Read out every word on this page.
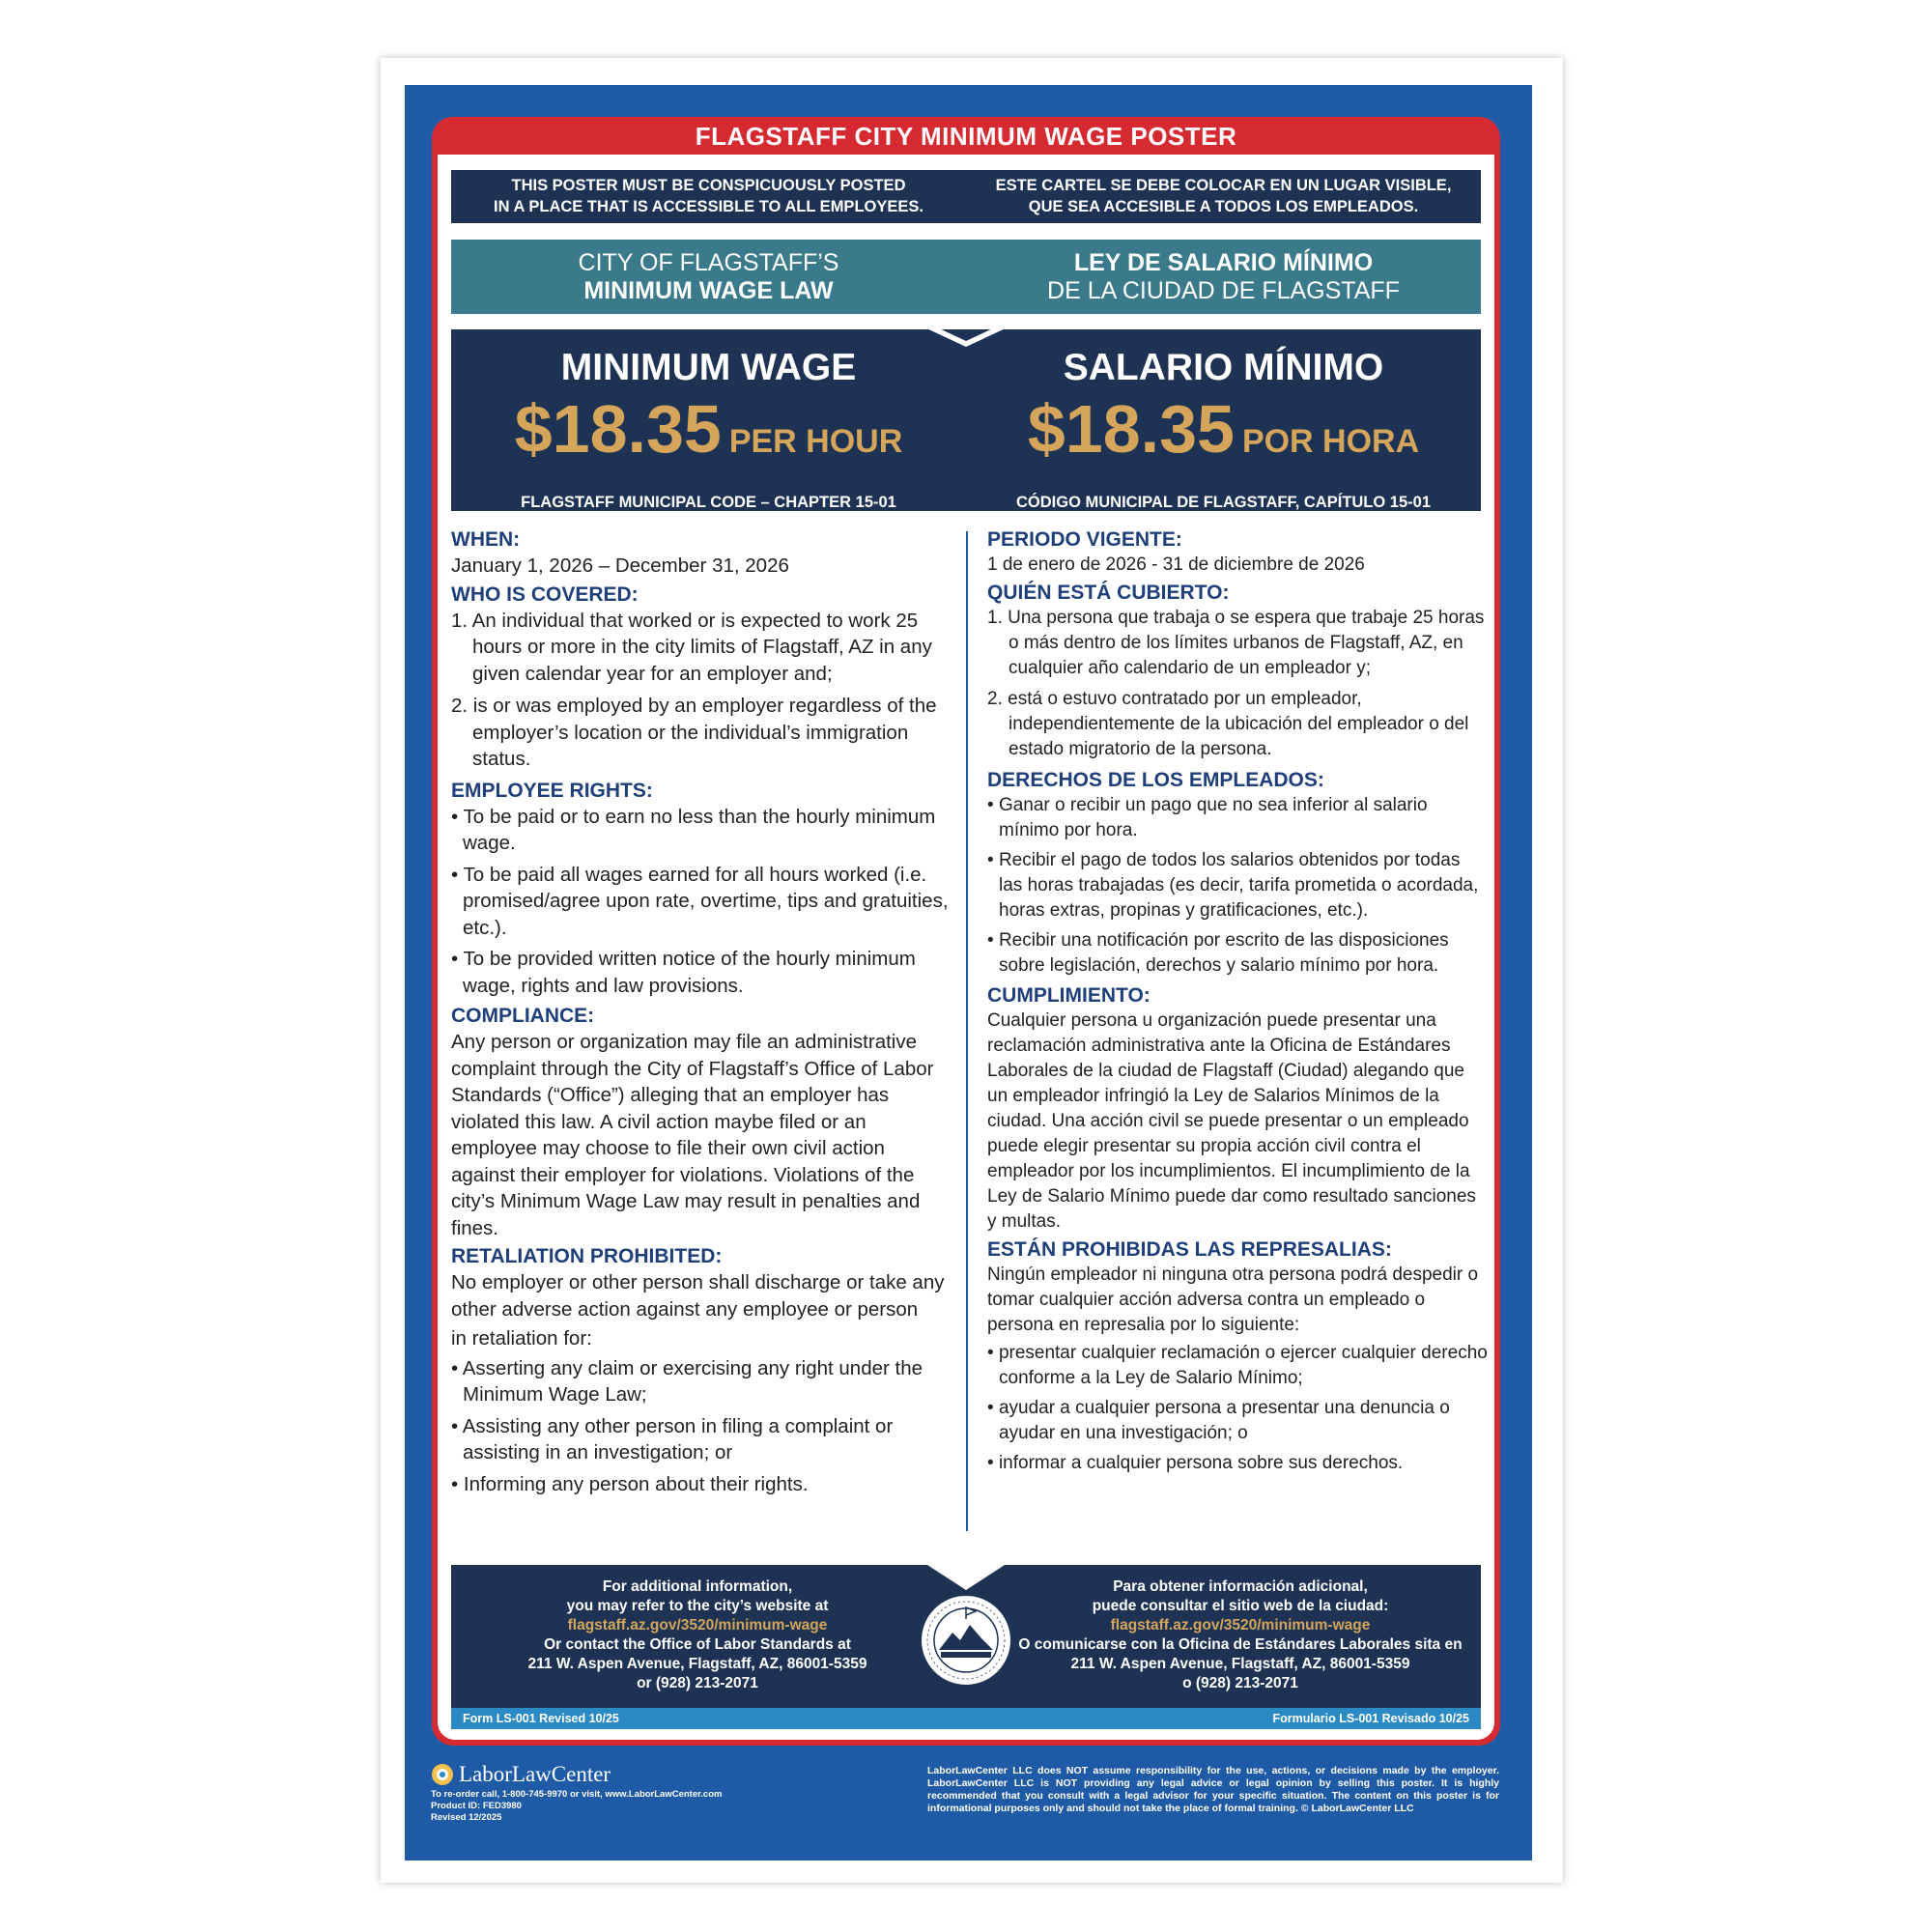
FLAGSTAFF CITY MINIMUM WAGE POSTER
THIS POSTER MUST BE CONSPICUOUSLY POSTED
IN A PLACE THAT IS ACCESSIBLE TO ALL EMPLOYEES.
ESTE CARTEL SE DEBE COLOCAR EN UN LUGAR VISIBLE,
QUE SEA ACCESIBLE A TODOS LOS EMPLEADOS.
CITY OF FLAGSTAFF’S
MINIMUM WAGE LAW
LEY DE SALARIO MÍNIMO
DE LA CIUDAD DE FLAGSTAFF
MINIMUM WAGE
$18.35 PER HOUR
FLAGSTAFF MUNICIPAL CODE – CHAPTER 15-01
SALARIO MÍNIMO
$18.35 POR HORA
CÓDIGO MUNICIPAL DE FLAGSTAFF, CAPÍTULO 15-01
WHEN:
January 1, 2026 – December 31, 2026
WHO IS COVERED:
1. An individual that worked or is expected to work 25 hours or more in the city limits of Flagstaff, AZ in any given calendar year for an employer and;
2. is or was employed by an employer regardless of the employer’s location or the individual’s immigration status.
EMPLOYEE RIGHTS:
• To be paid or to earn no less than the hourly minimum wage.
• To be paid all wages earned for all hours worked (i.e. promised/agree upon rate, overtime, tips and gratuities, etc.).
• To be provided written notice of the hourly minimum wage, rights and law provisions.
COMPLIANCE:
Any person or organization may file an administrative complaint through the City of Flagstaff’s Office of Labor Standards (“Office”) alleging that an employer has violated this law. A civil action maybe filed or an employee may choose to file their own civil action against their employer for violations. Violations of the city’s Minimum Wage Law may result in penalties and fines.
RETALIATION PROHIBITED:
No employer or other person shall discharge or take any other adverse action against any employee or person
in retaliation for:
• Asserting any claim or exercising any right under the Minimum Wage Law;
• Assisting any other person in filing a complaint or assisting in an investigation; or
• Informing any person about their rights.
PERIODO VIGENTE:
1 de enero de 2026 - 31 de diciembre de 2026
QUIÉN ESTÁ CUBIERTO:
1. Una persona que trabaja o se espera que trabaje 25 horas o más dentro de los límites urbanos de Flagstaff, AZ, en cualquier año calendario de un empleador y;
2. está o estuvo contratado por un empleador, independientemente de la ubicación del empleador o del estado migratorio de la persona.
DERECHOS DE LOS EMPLEADOS:
• Ganar o recibir un pago que no sea inferior al salario mínimo por hora.
• Recibir el pago de todos los salarios obtenidos por todas las horas trabajadas (es decir, tarifa prometida o acordada, horas extras, propinas y gratificaciones, etc.).
• Recibir una notificación por escrito de las disposiciones sobre legislación, derechos y salario mínimo por hora.
CUMPLIMIENTO:
Cualquier persona u organización puede presentar una reclamación administrativa ante la Oficina de Estándares Laborales de la ciudad de Flagstaff (Ciudad) alegando que un empleador infringió la Ley de Salarios Mínimos de la ciudad. Una acción civil se puede presentar o un empleado puede elegir presentar su propia acción civil contra el empleador por los incumplimientos. El incumplimiento de la Ley de Salario Mínimo puede dar como resultado sanciones y multas.
ESTÁN PROHIBIDAS LAS REPRESALIAS:
Ningún empleador ni ninguna otra persona podrá despedir o tomar cualquier acción adversa contra un empleado o persona en represalia por lo siguiente:
• presentar cualquier reclamación o ejercer cualquier derecho conforme a la Ley de Salario Mínimo;
• ayudar a cualquier persona a presentar una denuncia o ayudar en una investigación; o
• informar a cualquier persona sobre sus derechos.
For additional information,
you may refer to the city’s website at
flagstaff.az.gov/3520/minimum-wage
Or contact the Office of Labor Standards at
211 W. Aspen Avenue, Flagstaff, AZ, 86001-5359
or (928) 213-2071
Para obtener información adicional,
puede consultar el sitio web de la ciudad:
flagstaff.az.gov/3520/minimum-wage
O comunicarse con la Oficina de Estándares Laborales sita en
211 W. Aspen Avenue, Flagstaff, AZ, 86001-5359
o (928) 213-2071
Form LS-001 Revised 10/25	Formulario LS-001 Revisado 10/25
LaborLawCenter
To re-order call, 1-800-745-9970 or visit, www.LaborLawCenter.com
Product ID: FED3980
Revised 12/2025
LaborLawCenter LLC does NOT assume responsibility for the use, actions, or decisions made by the employer. LaborLawCenter LLC is NOT providing any legal advice or legal opinion by selling this poster. It is highly recommended that you consult with a legal advisor for your specific situation. The content on this poster is for informational purposes only and should not take the place of formal training. © LaborLawCenter LLC
